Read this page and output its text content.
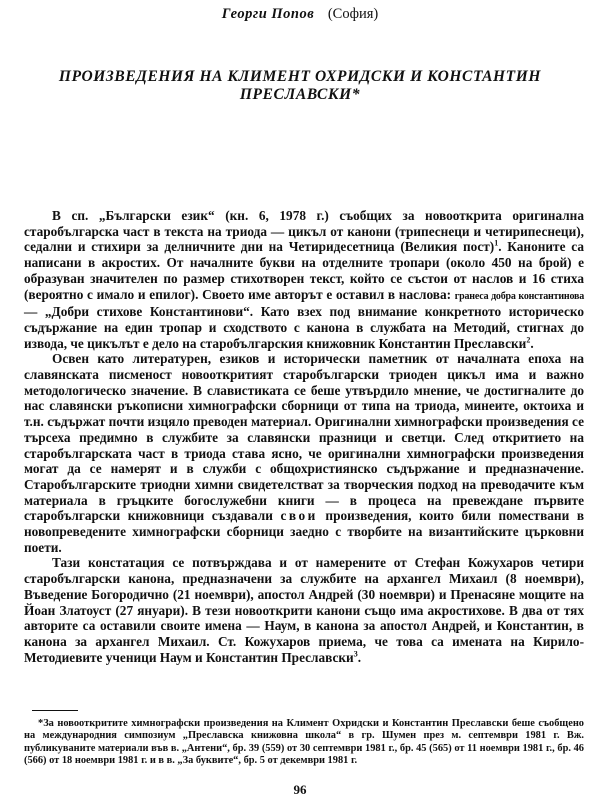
Георги Попов (София)
ПРОИЗВЕДЕНИЯ НА КЛИМЕНТ ОХРИДСКИ И КОНСТАНТИН ПРЕСЛАВСКИ*

В сп. „Български език“ (кн. 6, 1978 г.) съобщих за новооткрита оригинална старобългарска част в текста на триода — цикъл от канони (трипеснеци и четирипеснеци), седални и стихири за делничните дни на Четиридесетница (Великия пост)$^1$. Каноните са написани в акростих. От началните букви на отделните тропари (около 450 на брой) е образуван значителен по размер стихотворен текст, който се състои от наслов и 16 стиха (вероятно с имало и епилог). Своето име авторът е оставил в наслова: гранеса добра константинова — „Добри стихове Константинови“. Като взех под внимание конкретното историческо съдържание на един тропар и сходството с канона в службата на Методий, стигнах до извода, че цикълът е дело на старобългарския книжовник Константин Преславски$^2$.

Освен като литературен, езиков и исторически паметник от началната епоха на славянската писменост новооткритият старобългарски триоден цикъл има и важно методологическо значение. В славистиката се беше утвърдило мнение, че достигналите до нас славянски ръкописни химнографски сборници от типа на триода, минеите, октоиха и т.н. съдържат почти изцяло преводен материал. Оригинални химнографски произведения се търсеха предимно в службите за славянски празници и светци. След откритието на старобългарската част в триода става ясно, че оригинални химнографски произведения могат да се намерят и в служби с общохристиянско съдържание и предназначение. Старобългарските триодни химни свидетелстват за творческия подход на преводачите към материала в гръцките богослужебни книги — в процеса на превеждане първите старобългарски книжовници създавали свои произведения, които били помествани в новопреведените химнографски сборници заедно с творбите на византийските църковни поети.

Тази констатация се потвърждава и от намерените от Стефан Кожухаров четири старобългарски канона, предназначени за службите на архангел Михаил (8 ноември), Въведение Богородично (21 ноември), апостол Андрей (30 ноември) и Пренасяне мощите на Йоан Златоуст (27 януари). В тези новооткрити канони също има акростихове. В два от тях авторите са оставили своите имена — Наум, в канона за апостол Андрей, и Константин, в канона за архангел Михаил. Ст. Кожухаров приема, че това са имената на Кирило-Методиевите ученици Наум и Константин Преславски$^3$.

*За новооткритите химнографски произведения на Климент Охридски и Константин Преславски беше съобщено на международния симпозиум „Преславска книжовна школа“ в гр. Шумен през м. септември 1981 г. Вж. публикуваните материали във в. „Антени“, бр. 39 (559) от 30 септември 1981 г., бр. 45 (565) от 11 ноември 1981 г., бр. 46 (566) от 18 ноември 1981 г. и в в. „За буквите“, бр. 5 от декември 1981 г.

96
